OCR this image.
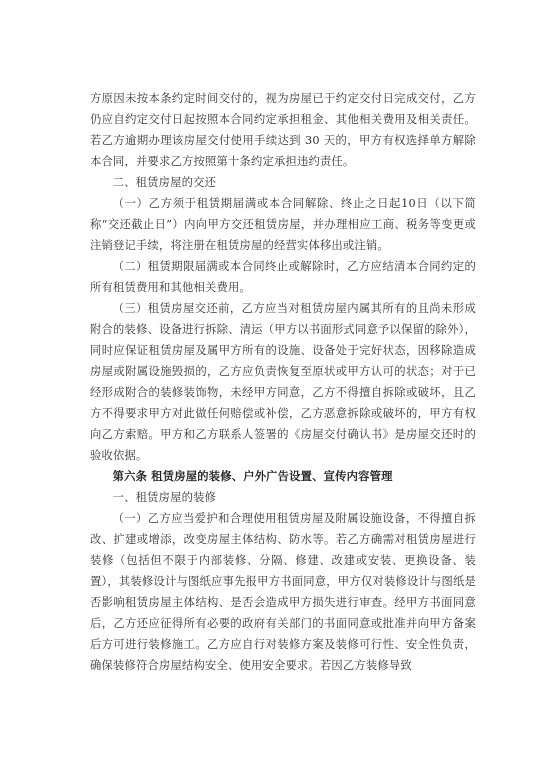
方原因未按本条约定时间交付的，视为房屋已于约定交付日完成交付，乙方仍应自约定交付日起按照本合同约定承担租金、其他相关费用及相关责任。若乙方逾期办理该房屋交付使用手续达到 30 天的，甲方有权选择单方解除本合同，并要求乙方按照第十条约定承担违约责任。

二、租赁房屋的交还

（一）乙方须于租赁期届满或本合同解除、终止之日起10日（以下简称“交还截止日”）内向甲方交还租赁房屋，并办理相应工商、税务等变更或注销登记手续，将注册在租赁房屋的经营实体移出或注销。

（二）租赁期限届满或本合同终止或解除时，乙方应结清本合同约定的所有租赁费用和其他相关费用。

（三）租赁房屋交还前，乙方应当对租赁房屋内属其所有的且尚未形成附合的装修、设备进行拆除、清运（甲方以书面形式同意予以保留的除外），同时应保证租赁房屋及属甲方所有的设施、设备处于完好状态，因移除造成房屋或附属设施毁损的，乙方应负责恢复至原状或甲方认可的状态；对于已经形成附合的装修装饰物，未经甲方同意，乙方不得擅自拆除或破坏，且乙方不得要求甲方对此做任何赔偿或补偿，乙方恶意拆除或破坏的，甲方有权向乙方索赔。甲方和乙方联系人签署的《房屋交付确认书》是房屋交还时的验收依据。

第六条 租赁房屋的装修、户外广告设置、宣传内容管理

一、租赁房屋的装修

（一）乙方应当爱护和合理使用租赁房屋及附属设施设备，不得擅自拆改、扩建或增添，改变房屋主体结构、防水等。若乙方确需对租赁房屋进行装修（包括但不限于内部装修、分隔、修建、改建或安装、更换设备、装置），其装修设计与图纸应事先报甲方书面同意，甲方仅对装修设计与图纸是否影响租赁房屋主体结构、是否会造成甲方损失进行审查。经甲方书面同意后，乙方还应征得所有必要的政府有关部门的书面同意或批准并向甲方备案后方可进行装修施工。乙方应自行对装修方案及装修可行性、安全性负责，确保装修符合房屋结构安全、使用安全要求。若因乙方装修导致
